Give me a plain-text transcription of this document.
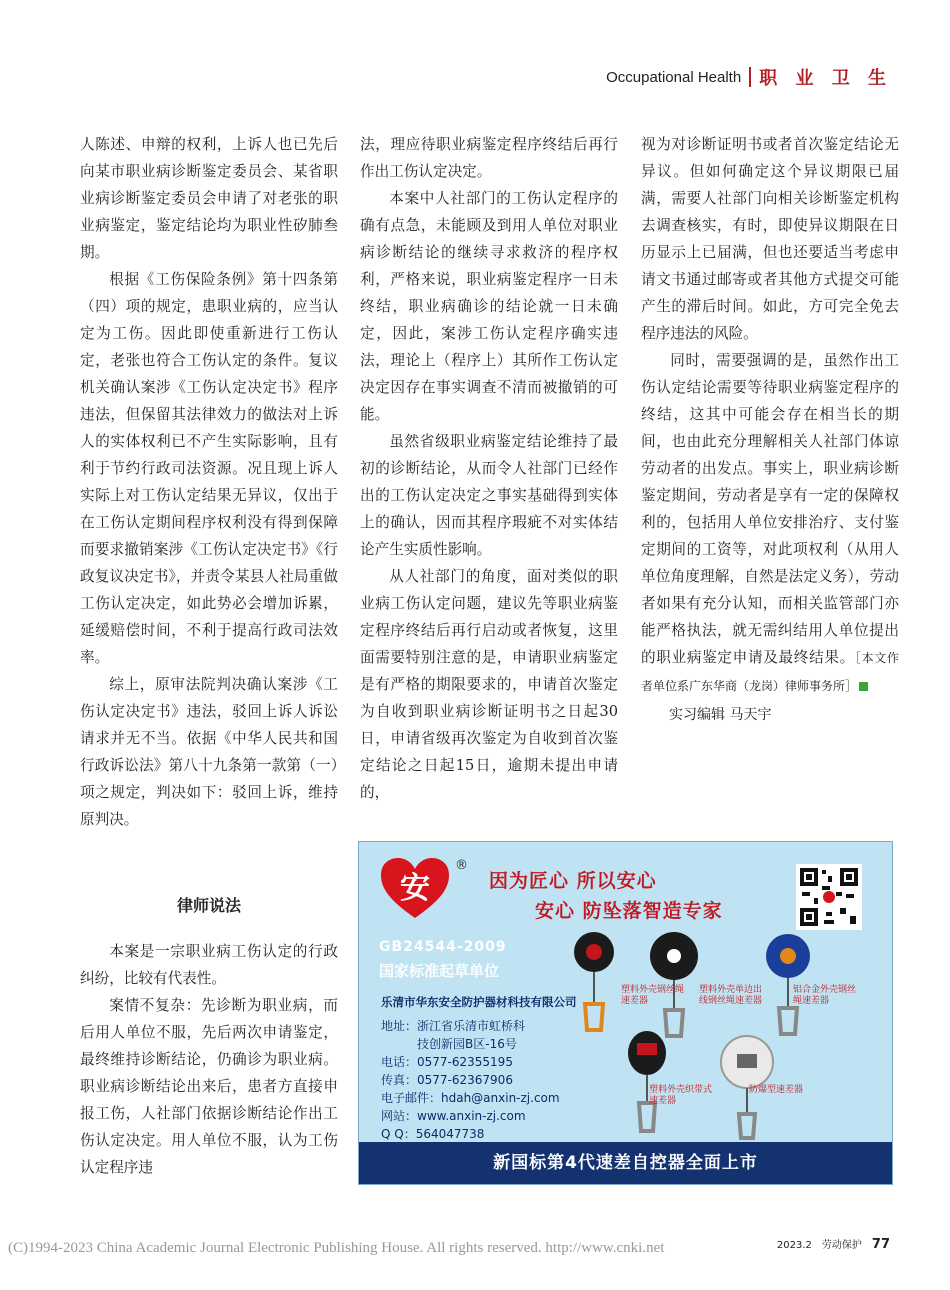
Occupational Health 职 业 卫 生

人陈述、申辩的权利，上诉人也已先后向某市职业病诊断鉴定委员会、某省职业病诊断鉴定委员会申请了对老张的职业病鉴定，鉴定结论均为职业性矽肺叁期。

根据《工伤保险条例》第十四条第（四）项的规定，患职业病的，应当认定为工伤。因此即使重新进行工伤认定，老张也符合工伤认定的条件。复议机关确认案涉《工伤认定决定书》程序违法，但保留其法律效力的做法对上诉人的实体权利已不产生实际影响，且有利于节约行政司法资源。况且现上诉人实际上对工伤认定结果无异议，仅出于在工伤认定期间程序权利没有得到保障而要求撤销案涉《工伤认定决定书》《行政复议决定书》，并责令某县人社局重做工伤认定决定，如此势必会增加诉累，延缓赔偿时间，不利于提高行政司法效率。

综上，原审法院判决确认案涉《工伤认定决定书》违法，驳回上诉人诉讼请求并无不当。依据《中华人民共和国行政诉讼法》第八十九条第一款第（一）项之规定，判决如下：驳回上诉，维持原判决。

律师说法

本案是一宗职业病工伤认定的行政纠纷，比较有代表性。

案情不复杂：先诊断为职业病，而后用人单位不服，先后两次申请鉴定，最终维持诊断结论，仍确诊为职业病。职业病诊断结论出来后，患者方直接申报工伤，人社部门依据诊断结论作出工伤认定决定。用人单位不服，认为工伤认定程序违

法，理应待职业病鉴定程序终结后再行作出工伤认定决定。

本案中人社部门的工伤认定程序的确有点急，未能顾及到用人单位对职业病诊断结论的继续寻求救济的程序权利，严格来说，职业病鉴定程序一日未终结，职业病确诊的结论就一日未确定，因此，案涉工伤认定程序确实违法，理论上（程序上）其所作工伤认定决定因存在事实调查不清而被撤销的可能。

虽然省级职业病鉴定结论维持了最初的诊断结论，从而令人社部门已经作出的工伤认定决定之事实基础得到实体上的确认，因而其程序瑕疵不对实体结论产生实质性影响。

从人社部门的角度，面对类似的职业病工伤认定问题，建议先等职业病鉴定程序终结后再行启动或者恢复，这里面需要特别注意的是，申请职业病鉴定是有严格的期限要求的，申请首次鉴定为自收到职业病诊断证明书之日起30日，申请省级再次鉴定为自收到首次鉴定结论之日起15日，逾期未提出申请的，

视为对诊断证明书或者首次鉴定结论无异议。但如何确定这个异议期限已届满，需要人社部门向相关诊断鉴定机构去调查核实，有时，即使异议期限在日历显示上已届满，但也还要适当考虑申请文书通过邮寄或者其他方式提交可能产生的滞后时间。如此，方可完全免去程序违法的风险。

同时，需要强调的是，虽然作出工伤认定结论需要等待职业病鉴定程序的终结，这其中可能会存在相当长的期间，也由此充分理解相关人社部门体谅劳动者的出发点。事实上，职业病诊断鉴定期间，劳动者是享有一定的保障权利的，包括用人单位安排治疗、支付鉴定期间的工资等，对此项权利（从用人单位角度理解，自然是法定义务），劳动者如果有充分认知，而相关监管部门亦能严格执法，就无需纠结用人单位提出的职业病鉴定申请及最终结果。［本文作者单位系广东华商（龙岗）律师事务所］

实习编辑 马天宇
安
®
因为匠心 所以安心
安心 防坠落智造专家
GB24544-2009
国家标准起草单位
乐清市华东安全防护器材科技有限公司
地址：浙江省乐清市虹桥科
技创新园B区-16号
电话：0577-62355195
传真：0577-62367906
电子邮件：hdah@anxin-zj.com
网站：www.anxin-zj.com
Q Q：564047738
塑料外壳钢丝绳速差器
塑料外壳单边出线钢丝绳速差器
铝合金外壳钢丝绳速差器
塑料外壳织带式速差器
防爆型速差器
新国标第4代速差自控器全面上市
2023.2 劳动保护 77
(C)1994-2023 China Academic Journal Electronic Publishing House. All rights reserved. http://www.cnki.net
